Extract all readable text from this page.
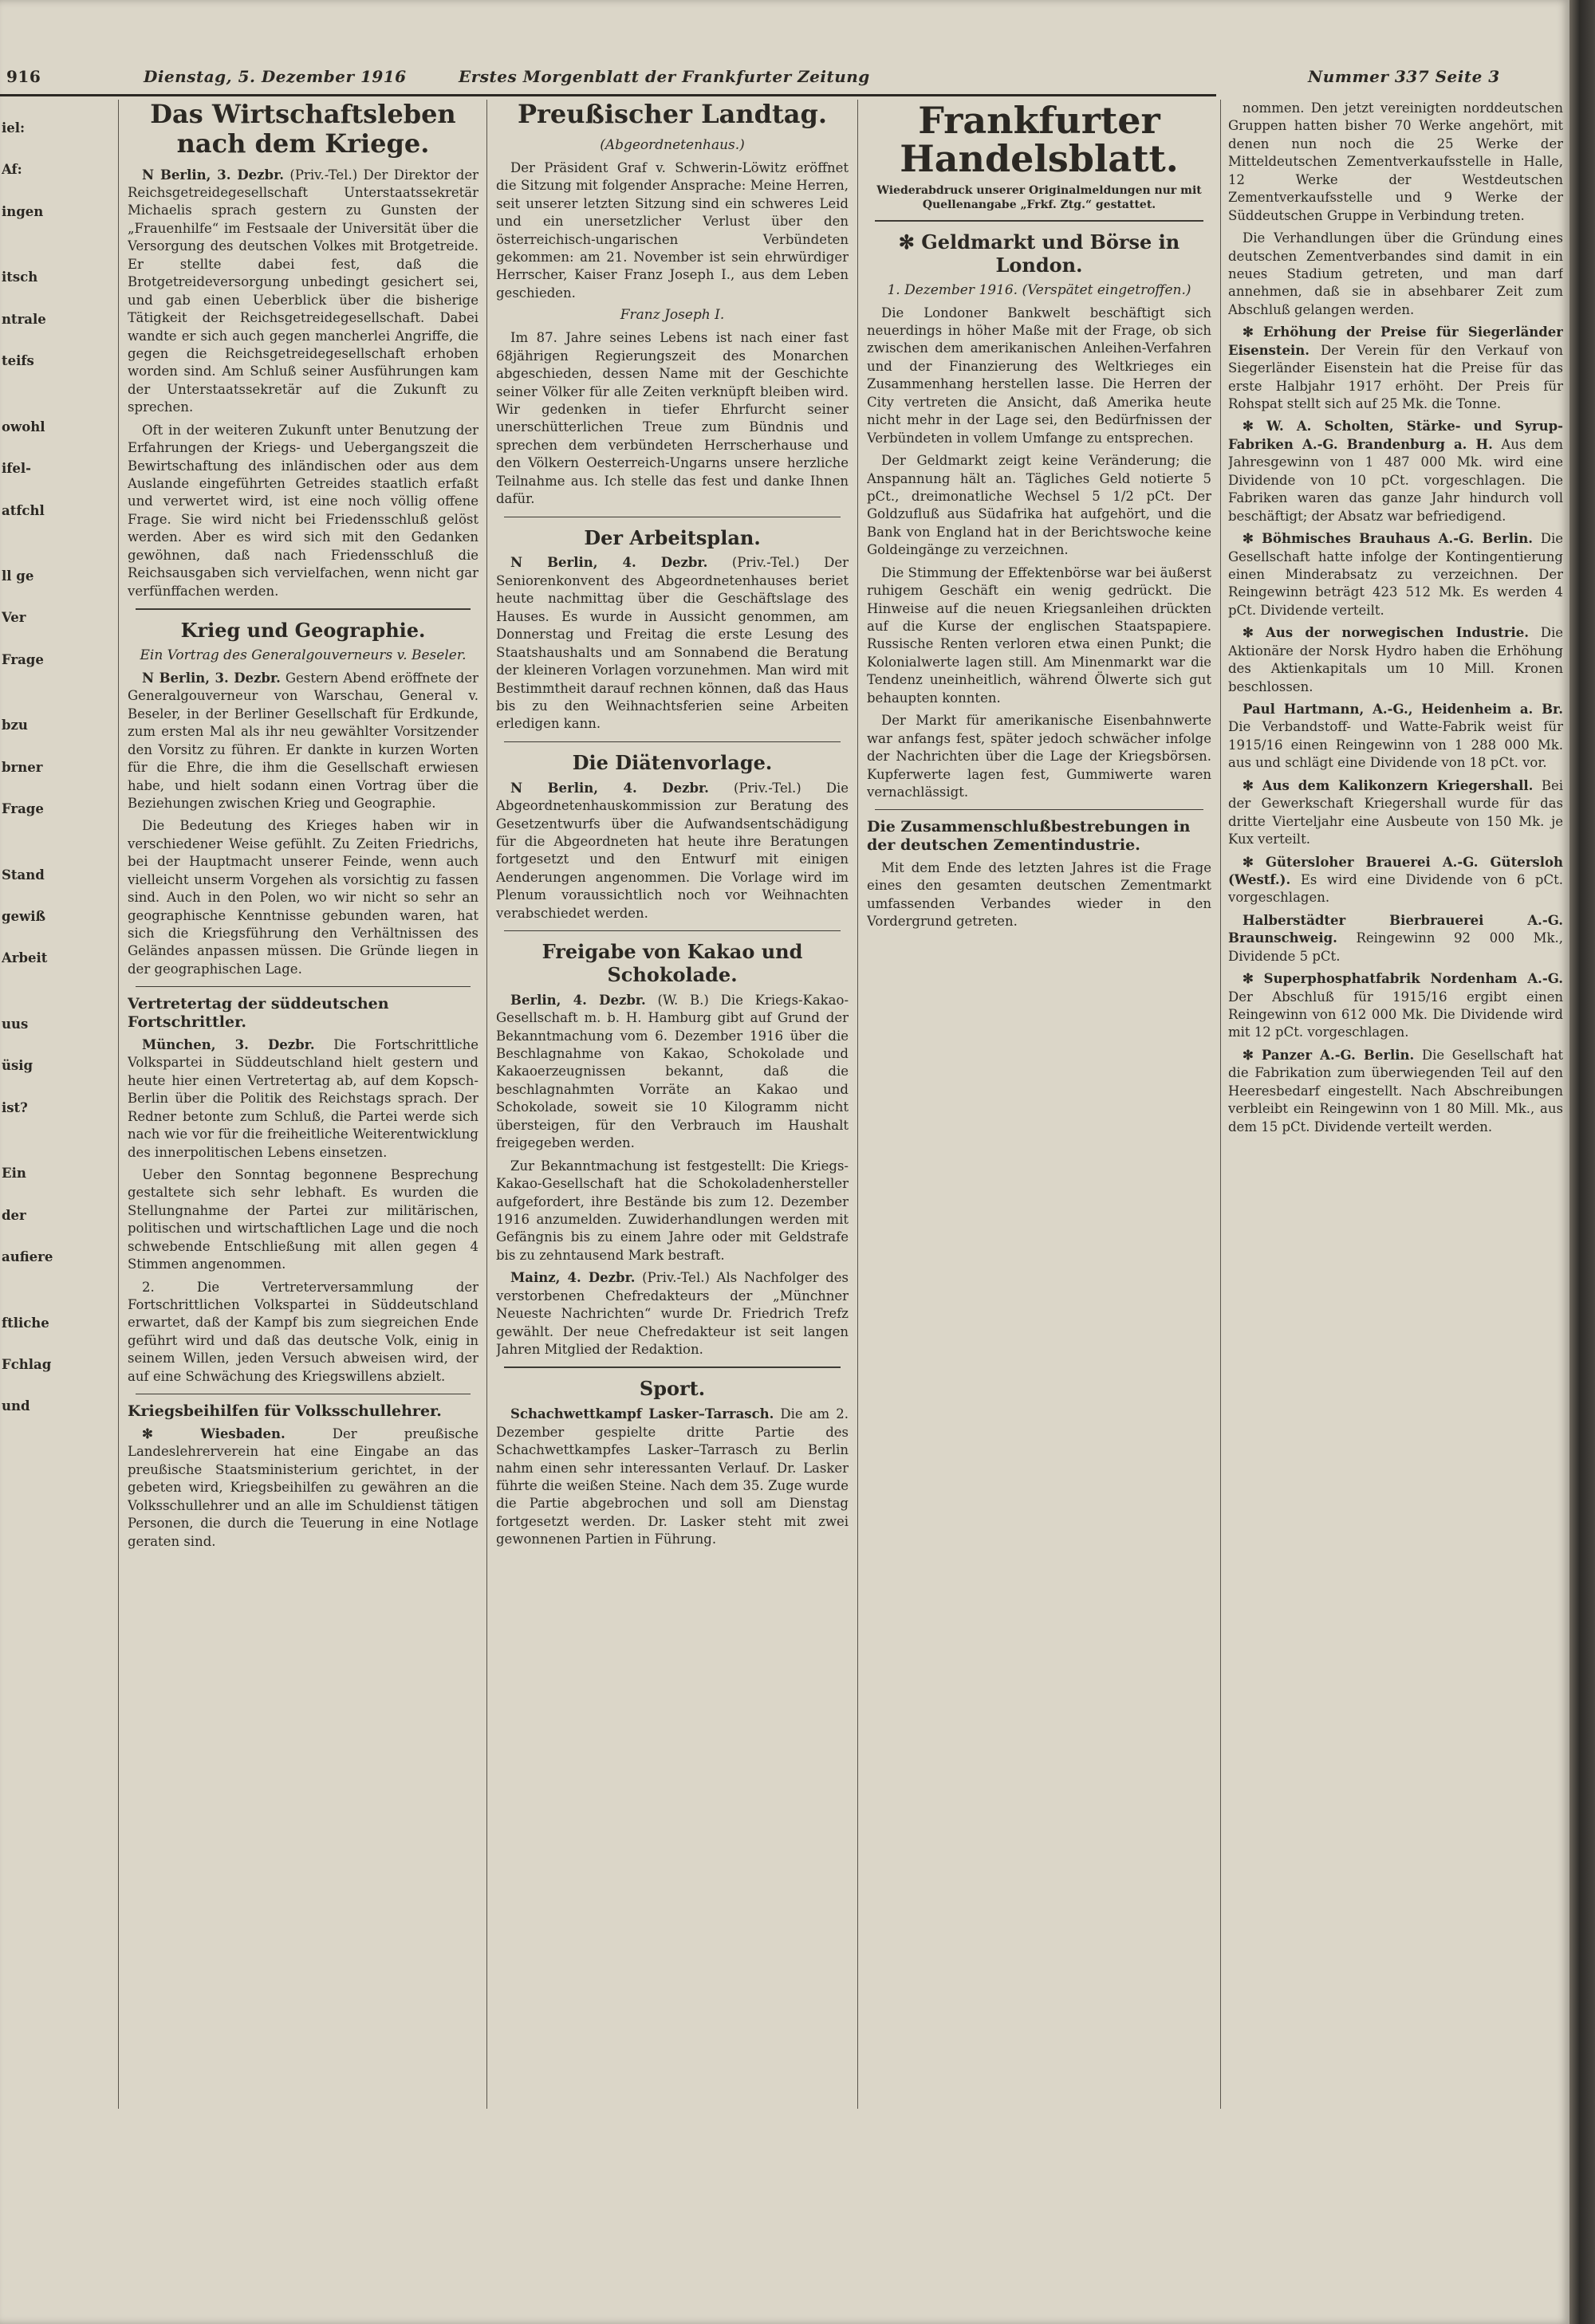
916	Dienstag, 5. Dezember 1916	Erstes Morgenblatt der Frankfurter Zeitung	Nummer 337 Seite 3
iel:
Af:
ingen
itsch
ntrale
teifs
owohl
ifel-
atfchl
ll ge
Ver
Frage
bzu
brner
Frage
Stand
gewiß
Arbeit
uus
üsig
ist?
Ein
der
aufiere
ftliche
Fchlag
und
Das Wirtschaftsleben nach dem Kriege.

N Berlin, 3. Dezbr. (Priv.-Tel.) Der Direktor der Reichsgetreidegesellschaft Unterstaatssekretär Michaelis sprach gestern zu Gunsten der „Frauenhilfe“ im Festsaale der Universität über die Versorgung des deutschen Volkes mit Brotgetreide. Er stellte dabei fest, daß die Brotgetreideversorgung unbedingt gesichert sei, und gab einen Ueberblick über die bisherige Tätigkeit der Reichsgetreidegesellschaft. Dabei wandte er sich auch gegen mancherlei Angriffe, die gegen die Reichsgetreidegesellschaft erhoben worden sind. Am Schluß seiner Ausführungen kam der Unterstaatssekretär auf die Zukunft zu sprechen.

Oft in der weiteren Zukunft unter Benutzung der Erfahrungen der Kriegs- und Uebergangszeit die Bewirtschaftung des inländischen oder aus dem Auslande eingeführten Getreides staatlich erfaßt und verwertet wird, ist eine noch völlig offene Frage. Sie wird nicht bei Friedensschluß gelöst werden. Aber es wird sich mit den Gedanken gewöhnen, daß nach Friedensschluß die Reichsausgaben sich vervielfachen, wenn nicht gar verfünffachen werden.

Krieg und Geographie.
Ein Vortrag des Generalgouverneurs v. Beseler.

N Berlin, 3. Dezbr. Gestern Abend eröffnete der Generalgouverneur von Warschau, General v. Beseler, in der Berliner Gesellschaft für Erdkunde, zum ersten Mal als ihr neu gewählter Vorsitzender den Vorsitz zu führen. Er dankte in kurzen Worten für die Ehre, die ihm die Gesellschaft erwiesen habe, und hielt sodann einen Vortrag über die Beziehungen zwischen Krieg und Geographie.

Die Bedeutung des Krieges haben wir in verschiedener Weise gefühlt. Zu Zeiten Friedrichs, bei der Hauptmacht unserer Feinde, wenn auch vielleicht unserm Vorgehen als vorsichtig zu fassen sind. Auch in den Polen, wo wir nicht so sehr an geographische Kenntnisse gebunden waren, hat sich die Kriegsführung den Verhältnissen des Geländes anpassen müssen. Die Gründe liegen in der geographischen Lage.

Vertretertag der süddeutschen Fortschrittler.

München, 3. Dezbr. Die Fortschrittliche Volkspartei in Süddeutschland hielt gestern und heute hier einen Vertretertag ab, auf dem Kopsch-Berlin über die Politik des Reichstags sprach. Der Redner betonte zum Schluß, die Partei werde sich nach wie vor für die freiheitliche Weiterentwicklung des innerpolitischen Lebens einsetzen.

Ueber den Sonntag begonnene Besprechung gestaltete sich sehr lebhaft. Es wurden die Stellungnahme der Partei zur militärischen, politischen und wirtschaftlichen Lage und die noch schwebende Entschließung mit allen gegen 4 Stimmen angenommen.

2. Die Vertreterversammlung der Fortschrittlichen Volkspartei in Süddeutschland erwartet, daß der Kampf bis zum siegreichen Ende geführt wird und daß das deutsche Volk, einig in seinem Willen, jeden Versuch abweisen wird, der auf eine Schwächung des Kriegswillens abzielt.

Kriegsbeihilfen für Volksschullehrer.

✻ Wiesbaden.	Der preußische Landeslehrerverein hat eine Eingabe an das preußische Staatsministerium gerichtet, in der gebeten wird, Kriegsbeihilfen zu gewähren an die Volksschullehrer und an alle im Schuldienst tätigen Personen, die durch die Teuerung in eine Notlage geraten sind.

Preußischer Landtag.
(Abgeordnetenhaus.)

Der Präsident Graf v. Schwerin-Löwitz eröffnet die Sitzung mit folgender Ansprache: Meine Herren, seit unserer letzten Sitzung sind ein schweres Leid und ein unersetzlicher Verlust über den österreichisch-ungarischen Verbündeten gekommen: am 21. November ist sein ehrwürdiger Herrscher, Kaiser Franz Joseph I., aus dem Leben geschieden.

Franz Joseph I.

Im 87. Jahre seines Lebens ist nach einer fast 68jährigen Regierungszeit des Monarchen abgeschieden, dessen Name mit der Geschichte seiner Völker für alle Zeiten verknüpft bleiben wird. Wir gedenken in tiefer Ehrfurcht seiner unerschütterlichen Treue zum Bündnis und sprechen dem verbündeten Herrscherhause und den Völkern Oesterreich-Ungarns unsere herzliche Teilnahme aus. Ich stelle das fest und danke Ihnen dafür.

Der Arbeitsplan.

N Berlin, 4. Dezbr. (Priv.-Tel.) Der Seniorenkonvent des Abgeordnetenhauses beriet heute nachmittag über die Geschäftslage des Hauses. Es wurde in Aussicht genommen, am Donnerstag und Freitag die erste Lesung des Staatshaushalts und am Sonnabend die Beratung der kleineren Vorlagen vorzunehmen. Man wird mit Bestimmtheit darauf rechnen können, daß das Haus bis zu den Weihnachtsferien seine Arbeiten erledigen kann.

Die Diätenvorlage.

N Berlin, 4. Dezbr. (Priv.-Tel.) Die Abgeordnetenhauskommission zur Beratung des Gesetzentwurfs über die Aufwandsentschädigung für die Abgeordneten hat heute ihre Beratungen fortgesetzt und den Entwurf mit einigen Aenderungen angenommen. Die Vorlage wird im Plenum voraussichtlich noch vor Weihnachten verabschiedet werden.

Freigabe von Kakao und Schokolade.

Berlin, 4. Dezbr. (W. B.) Die Kriegs-Kakao-Gesellschaft m. b. H. Hamburg gibt auf Grund der Bekanntmachung vom 6. Dezember 1916 über die Beschlagnahme von Kakao, Schokolade und Kakaoerzeugnissen bekannt, daß die beschlagnahmten Vorräte an Kakao und Schokolade, soweit sie 10 Kilogramm nicht übersteigen, für den Verbrauch im Haushalt freigegeben werden.

Zur Bekanntmachung ist festgestellt: Die Kriegs-Kakao-Gesellschaft hat die Schokoladenhersteller aufgefordert, ihre Bestände bis zum 12. Dezember 1916 anzumelden. Zuwiderhandlungen werden mit Gefängnis bis zu einem Jahre oder mit Geldstrafe bis zu zehntausend Mark bestraft.

Mainz, 4. Dezbr. (Priv.-Tel.) Als Nachfolger des verstorbenen Chefredakteurs der „Münchner Neueste Nachrichten“ wurde Dr. Friedrich Trefz gewählt. Der neue Chefredakteur ist seit langen Jahren Mitglied der Redaktion.

Sport.

Schachwettkampf Lasker–Tarrasch. Die am 2. Dezember gespielte dritte Partie des Schachwettkampfes Lasker–Tarrasch zu Berlin nahm einen sehr interessanten Verlauf. Dr. Lasker führte die weißen Steine. Nach dem 35. Zuge wurde die Partie abgebrochen und soll am Dienstag fortgesetzt werden. Dr. Lasker steht mit zwei gewonnenen Partien in Führung.

Frankfurter Handelsblatt.
Wiederabdruck unserer Originalmeldungen nur mit Quellenangabe „Frkf. Ztg.“ gestattet.
✻ Geldmarkt und Börse in London.
1. Dezember 1916. (Verspätet eingetroffen.)

Die Londoner Bankwelt beschäftigt sich neuerdings in höher Maße mit der Frage, ob sich zwischen dem amerikanischen Anleihen-Verfahren und der Finanzierung des Weltkrieges ein Zusammenhang herstellen lasse. Die Herren der City vertreten die Ansicht, daß Amerika heute nicht mehr in der Lage sei, den Bedürfnissen der Verbündeten in vollem Umfange zu entsprechen.

Der Geldmarkt zeigt keine Veränderung; die Anspannung hält an. Tägliches Geld notierte 5 pCt., dreimonatliche Wechsel 5 1/2 pCt. Der Goldzufluß aus Südafrika hat aufgehört, und die Bank von England hat in der Berichtswoche keine Goldeingänge zu verzeichnen.

Die Stimmung der Effektenbörse war bei äußerst ruhigem Geschäft ein wenig gedrückt. Die Hinweise auf die neuen Kriegsanleihen drückten auf die Kurse der englischen Staatspapiere. Russische Renten verloren etwa einen Punkt; die Kolonialwerte lagen still. Am Minenmarkt war die Tendenz uneinheitlich, während Ölwerte sich gut behaupten konnten.

Der Markt für amerikanische Eisenbahnwerte war anfangs fest, später jedoch schwächer infolge der Nachrichten über die Lage der Kriegsbörsen. Kupferwerte lagen fest, Gummiwerte waren vernachlässigt.

Die Zusammenschlußbestrebungen in der deutschen Zementindustrie.

Mit dem Ende des letzten Jahres ist die Frage eines den gesamten deutschen Zementmarkt umfassenden Verbandes wieder in den Vordergrund getreten.

nommen. Den jetzt vereinigten norddeutschen Gruppen hatten bisher 70 Werke angehört, mit denen nun noch die 25 Werke der Mitteldeutschen Zementverkaufsstelle in Halle, 12 Werke der Westdeutschen Zementverkaufsstelle und 9 Werke der Süddeutschen Gruppe in Verbindung treten.

Die Verhandlungen über die Gründung eines deutschen Zementverbandes sind damit in ein neues Stadium getreten, und man darf annehmen, daß sie in absehbarer Zeit zum Abschluß gelangen werden.

✻ Erhöhung der Preise für Siegerländer Eisenstein. Der Verein für den Verkauf von Siegerländer Eisenstein hat die Preise für das erste Halbjahr 1917 erhöht. Der Preis für Rohspat stellt sich auf 25 Mk. die Tonne.

✻ W. A. Scholten, Stärke- und Syrup-Fabriken A.-G. Brandenburg a. H. Aus dem Jahresgewinn von 1 487 000 Mk. wird eine Dividende von 10 pCt. vorgeschlagen. Die Fabriken waren das ganze Jahr hindurch voll beschäftigt; der Absatz war befriedigend.

✻ Böhmisches Brauhaus A.-G. Berlin. Die Gesellschaft hatte infolge der Kontingentierung einen Minderabsatz zu verzeichnen. Der Reingewinn beträgt 423 512 Mk. Es werden 4 pCt. Dividende verteilt.

✻ Aus der norwegischen Industrie. Die Aktionäre der Norsk Hydro haben die Erhöhung des Aktienkapitals um 10 Mill. Kronen beschlossen.

Paul Hartmann, A.-G., Heidenheim a. Br. Die Verbandstoff- und Watte-Fabrik weist für 1915/16 einen Reingewinn von 1 288 000 Mk. aus und schlägt eine Dividende von 18 pCt. vor.

✻ Aus dem Kalikonzern Kriegershall. Bei der Gewerkschaft Kriegershall wurde für das dritte Vierteljahr eine Ausbeute von 150 Mk. je Kux verteilt.

✻ Gütersloher Brauerei A.-G. Gütersloh (Westf.). Es wird eine Dividende von 6 pCt. vorgeschlagen.

Halberstädter Bierbrauerei A.-G. Braunschweig. Reingewinn 92 000 Mk., Dividende 5 pCt.

✻ Superphosphatfabrik Nordenham A.-G. Der Abschluß für 1915/16 ergibt einen Reingewinn von 612 000 Mk. Die Dividende wird mit 12 pCt. vorgeschlagen.

✻ Panzer A.-G. Berlin. Die Gesellschaft hat die Fabrikation zum überwiegenden Teil auf den Heeresbedarf eingestellt. Nach Abschreibungen verbleibt ein Reingewinn von 1 80 Mill. Mk., aus dem 15 pCt. Dividende verteilt werden.
